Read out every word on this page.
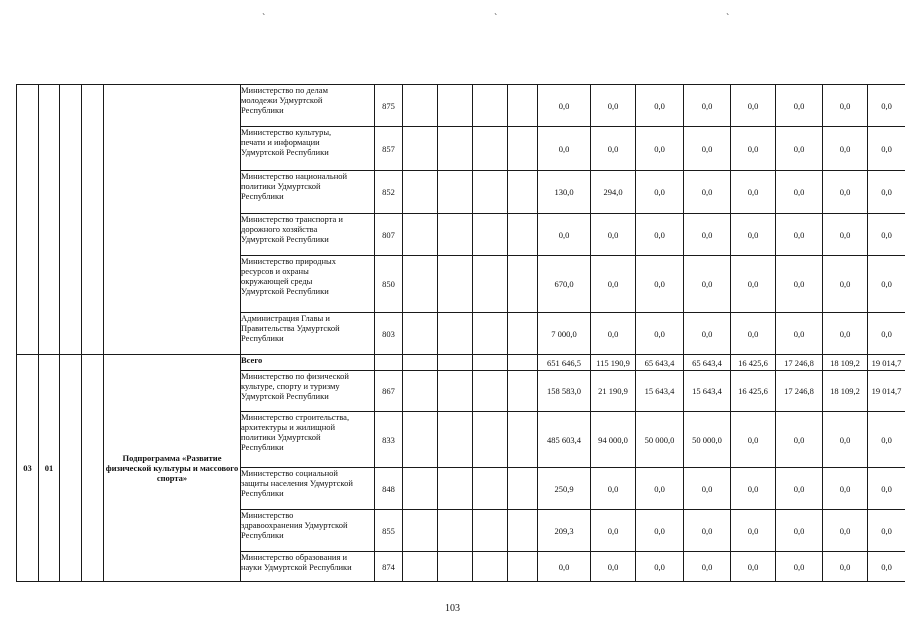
`	`	`
					Министерство по делам
молодежи Удмуртской
Республики	875					0,0	0,0	0,0	0,0	0,0	0,0	0,0	0,0
					Министерство культуры,
печати и информации
Удмуртской Республики	857					0,0	0,0	0,0	0,0	0,0	0,0	0,0	0,0
					Министерство национальной
политики Удмуртской
Республики	852					130,0	294,0	0,0	0,0	0,0	0,0	0,0	0,0
					Министерство транспорта и
дорожного хозяйства
Удмуртской Республики	807					0,0	0,0	0,0	0,0	0,0	0,0	0,0	0,0
					Министерство природных
ресурсов и охраны
окружающей среды
Удмуртской Республики	850					670,0	0,0	0,0	0,0	0,0	0,0	0,0	0,0
					Администрация Главы и
Правительства Удмуртской
Республики	803					7 000,0	0,0	0,0	0,0	0,0	0,0	0,0	0,0
03	01			Подпрограмма «Развитие физической культуры и массового спорта»	Всего						651 646,5	115 190,9	65 643,4	65 643,4	16 425,6	17 246,8	18 109,2	19 014,7
					Министерство по физической
культуре, спорту и туризму
Удмуртской Республики	867					158 583,0	21 190,9	15 643,4	15 643,4	16 425,6	17 246,8	18 109,2	19 014,7
					Министерство строительства,
архитектуры и жилищной
политики Удмуртской
Республики	833					485 603,4	94 000,0	50 000,0	50 000,0	0,0	0,0	0,0	0,0
					Министерство социальной
защиты населения Удмуртской
Республики	848					250,9	0,0	0,0	0,0	0,0	0,0	0,0	0,0
					Министерство
здравоохранения Удмуртской
Республики	855					209,3	0,0	0,0	0,0	0,0	0,0	0,0	0,0
					Министерство образования и
науки Удмуртской Республики	874					0,0	0,0	0,0	0,0	0,0	0,0	0,0	0,0
103
